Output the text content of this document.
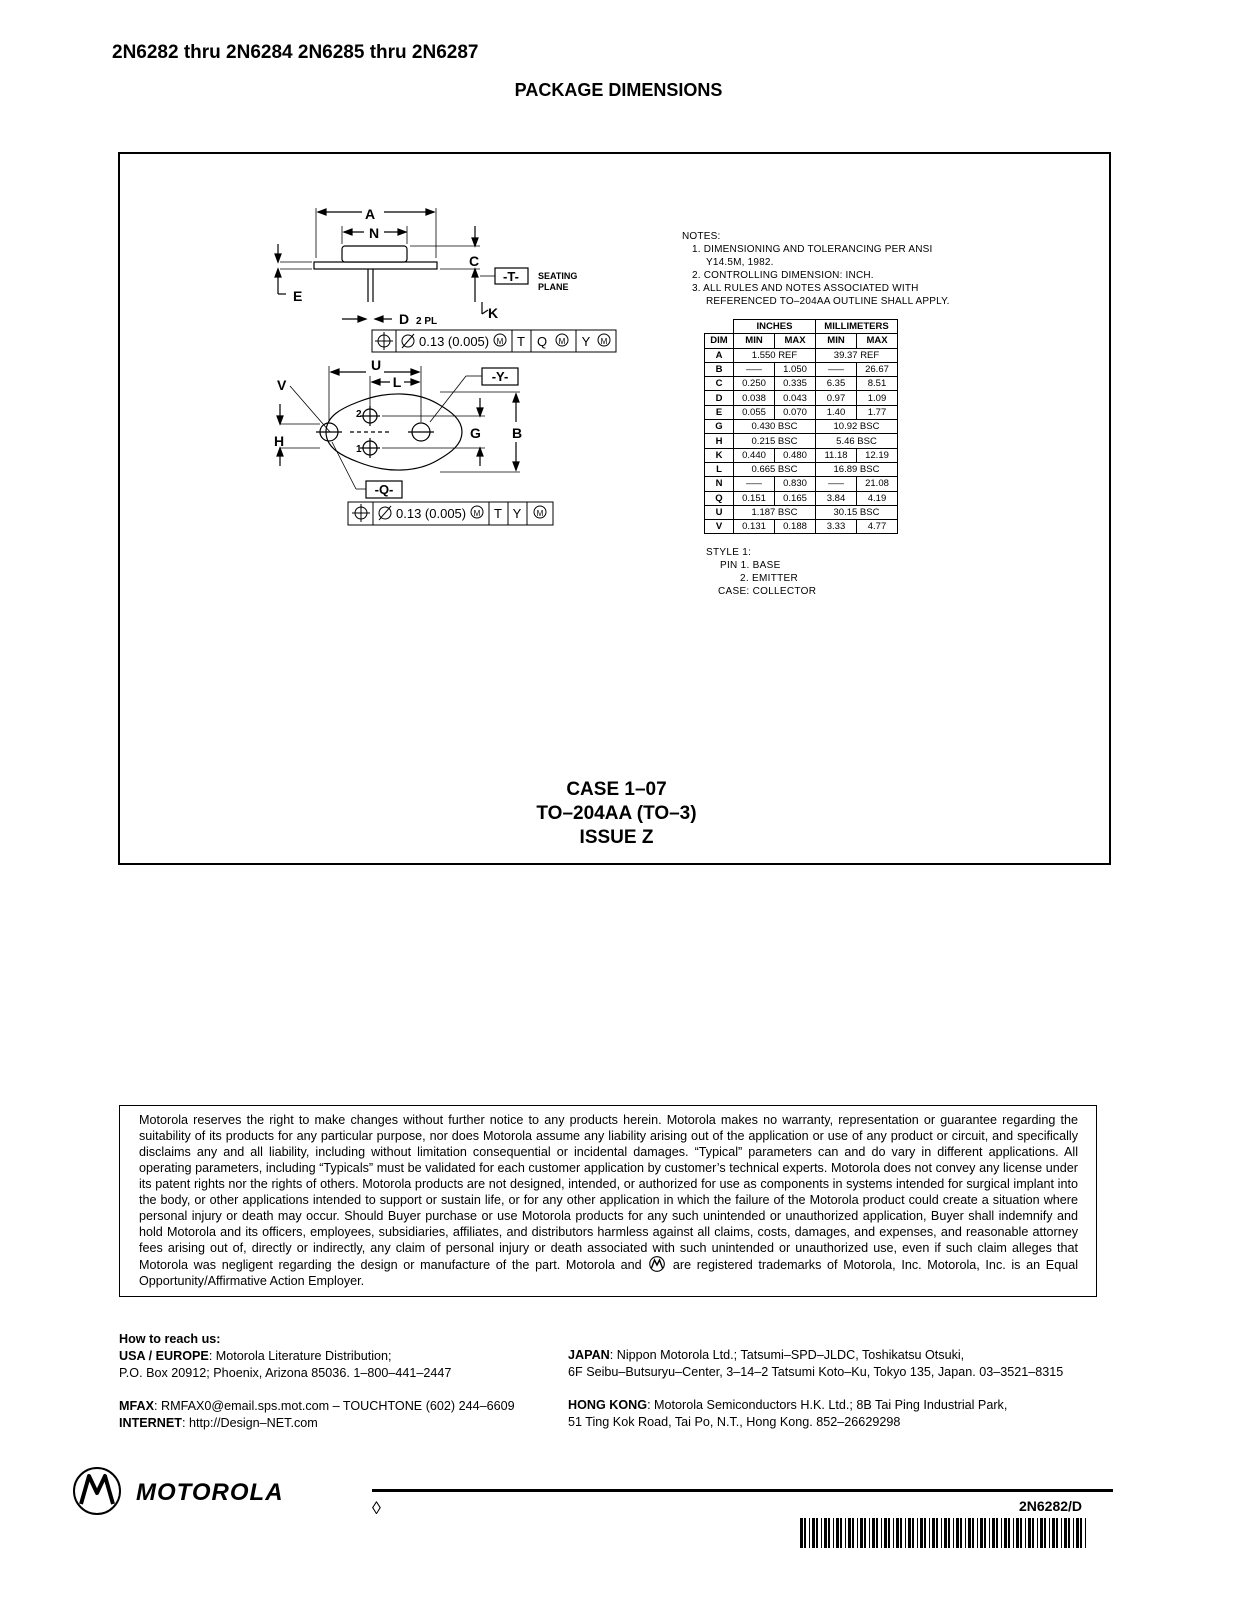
2N6282 thru 2N6284 2N6285 thru 2N6287
PACKAGE DIMENSIONS
A
N
C
E
K
D 2 PL
-T- SEATING
PLANE
0.13 (0.005) M T Q M Y M
U
L
V
H	G B
-Y-
-Q-
2
1
0.13 (0.005) M T Y M
NOTES:
1. DIMENSIONING AND TOLERANCING PER ANSI
Y14.5M, 1982.
2. CONTROLLING DIMENSION: INCH.
3. ALL RULES AND NOTES ASSOCIATED WITH
REFERENCED TO–204AA OUTLINE SHALL APPLY.
	INCHES		MILLIMETERS	
DIM	MIN	MAX	MIN	MAX
A	1.550 REF		39.37 REF	
B	–––	1.050	–––	26.67
C	0.250	0.335	6.35	8.51
D	0.038	0.043	0.97	1.09
E	0.055	0.070	1.40	1.77
G	0.430 BSC		10.92 BSC	
H	0.215 BSC		5.46 BSC	
K	0.440	0.480	11.18	12.19
L	0.665 BSC		16.89 BSC	
N	–––	0.830	–––	21.08
Q	0.151	0.165	3.84	4.19
U	1.187 BSC		30.15 BSC	
V	0.131	0.188	3.33	4.77
STYLE 1:
PIN 1. BASE
2. EMITTER
CASE: COLLECTOR
CASE 1–07
TO–204AA (TO–3)
ISSUE Z
Motorola reserves the right to make changes without further notice to any products herein. Motorola makes no warranty, representation or guarantee regarding the suitability of its products for any particular purpose, nor does Motorola assume any liability arising out of the application or use of any product or circuit, and specifically disclaims any and all liability, including without limitation consequential or incidental damages. “Typical” parameters can and do vary in different applications. All operating parameters, including “Typicals” must be validated for each customer application by customer’s technical experts. Motorola does not convey any license under its patent rights nor the rights of others. Motorola products are not designed, intended, or authorized for use as components in systems intended for surgical implant into the body, or other applications intended to support or sustain life, or for any other application in which the failure of the Motorola product could create a situation where personal injury or death may occur. Should Buyer purchase or use Motorola products for any such unintended or unauthorized application, Buyer shall indemnify and hold Motorola and its officers, employees, subsidiaries, affiliates, and distributors harmless against all claims, costs, damages, and expenses, and reasonable attorney fees arising out of, directly or indirectly, any claim of personal injury or death associated with such unintended or unauthorized use, even if such claim alleges that Motorola was negligent regarding the design or manufacture of the part. Motorola and are registered trademarks of Motorola, Inc. Motorola, Inc. is an Equal Opportunity/Affirmative Action Employer.
How to reach us:
USA / EUROPE: Motorola Literature Distribution;
P.O. Box 20912; Phoenix, Arizona 85036. 1–800–441–2447
MFAX: RMFAX0@email.sps.mot.com – TOUCHTONE (602) 244–6609
INTERNET: http://Design–NET.com
JAPAN: Nippon Motorola Ltd.; Tatsumi–SPD–JLDC, Toshikatsu Otsuki,
6F Seibu–Butsuryu–Center, 3–14–2 Tatsumi Koto–Ku, Tokyo 135, Japan. 03–3521–8315
HONG KONG: Motorola Semiconductors H.K. Ltd.; 8B Tai Ping Industrial Park,
51 Ting Kok Road, Tai Po, N.T., Hong Kong. 852–26629298
MOTOROLA
◊	2N6282/D
